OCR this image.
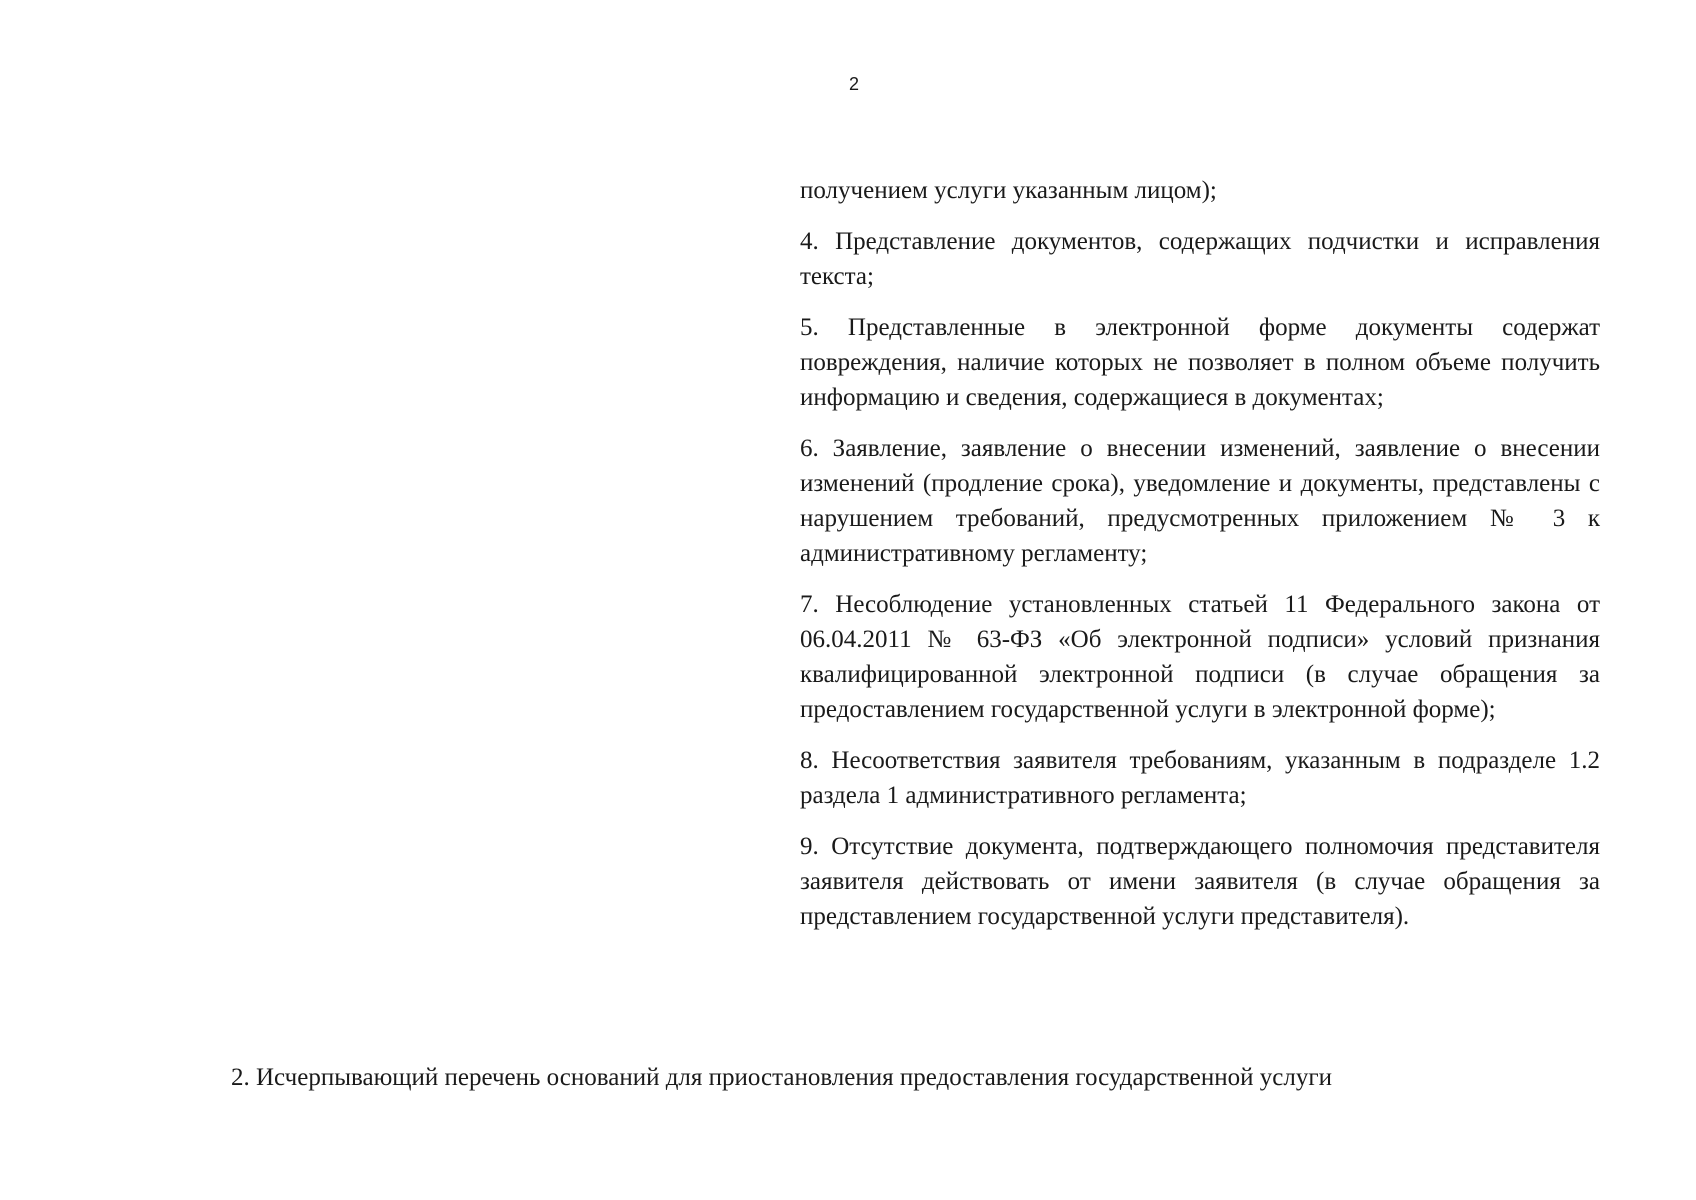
2

получением услуги указанным лицом);

4. Представление документов, содержащих подчистки и исправления текста;

5. Представленные в электронной форме документы содержат повреждения, наличие которых не позволяет в полном объеме получить информацию и сведения, содержащиеся в документах;

6. Заявление, заявление о внесении изменений, заявление о внесении изменений (продление срока), уведомление и документы, представлены с нарушением требований, предусмотренных приложением № 3 к административному регламенту;

7. Несоблюдение установленных статьей 11 Федерального закона от 06.04.2011 № 63-ФЗ «Об электронной подписи» условий признания квалифицированной электронной подписи (в случае обращения за предоставлением государственной услуги в электронной форме);

8. Несоответствия заявителя требованиям, указанным в подразделе 1.2 раздела 1 административного регламента;

9. Отсутствие документа, подтверждающего полномочия представителя заявителя действовать от имени заявителя (в случае обращения за представлением государственной услуги представителя).

2. Исчерпывающий перечень оснований для приостановления предоставления государственной услуги
